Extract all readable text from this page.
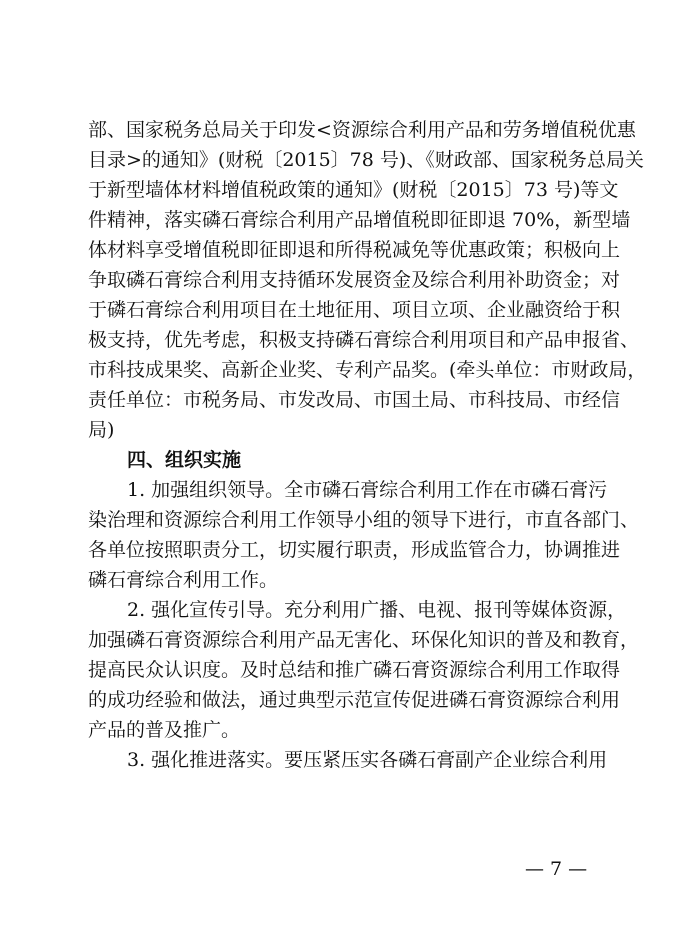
部、国家税务总局关于印发<资源综合利用产品和劳务增值税优惠
目录>的通知》(财税〔2015〕78 号)、《财政部、国家税务总局关
于新型墙体材料增值税政策的通知》(财税〔2015〕73 号)等文
件精神，落实磷石膏综合利用产品增值税即征即退 70%，新型墙
体材料享受增值税即征即退和所得税减免等优惠政策；积极向上
争取磷石膏综合利用支持循环发展资金及综合利用补助资金；对
于磷石膏综合利用项目在土地征用、项目立项、企业融资给于积
极支持，优先考虑，积极支持磷石膏综合利用项目和产品申报省、
市科技成果奖、高新企业奖、专利产品奖。(牵头单位：市财政局，
责任单位：市税务局、市发改局、市国土局、市科技局、市经信
局)
四、组织实施
1. 加强组织领导。全市磷石膏综合利用工作在市磷石膏污
染治理和资源综合利用工作领导小组的领导下进行，市直各部门、
各单位按照职责分工，切实履行职责，形成监管合力，协调推进
磷石膏综合利用工作。
2. 强化宣传引导。充分利用广播、电视、报刊等媒体资源，
加强磷石膏资源综合利用产品无害化、环保化知识的普及和教育，
提高民众认识度。及时总结和推广磷石膏资源综合利用工作取得
的成功经验和做法，通过典型示范宣传促进磷石膏资源综合利用
产品的普及推广。
3. 强化推进落实。要压紧压实各磷石膏副产企业综合利用
— 7 —
